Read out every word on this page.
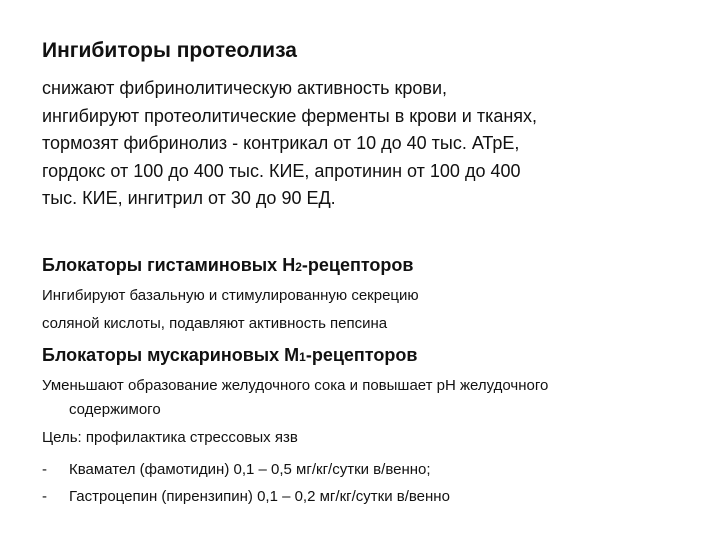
Ингибиторы протеолиза
снижают фибринолитическую активность крови,
ингибируют протеолитические ферменты в крови и тканях,
тормозят фибринолиз - контрикал от 10 до 40 тыс. АТрЕ,
гордокс от 100 до 400 тыс. КИЕ, апротинин от 100 до 400
тыс. КИЕ, ингитрил от 30 до 90 ЕД.
Блокаторы гистаминовых Н2-рецепторов
Ингибируют базальную и стимулированную секрецию
соляной кислоты, подавляют активность пепсина
Блокаторы мускариновых М1-рецепторов
Уменьшают образование желудочного сока и повышает рН желудочного
содержимого
Цель: профилактика стрессовых язв
- Квамател (фамотидин) 0,1 – 0,5 мг/кг/сутки в/венно;
- Гастроцепин (пирензипин) 0,1 – 0,2 мг/кг/сутки в/венно
